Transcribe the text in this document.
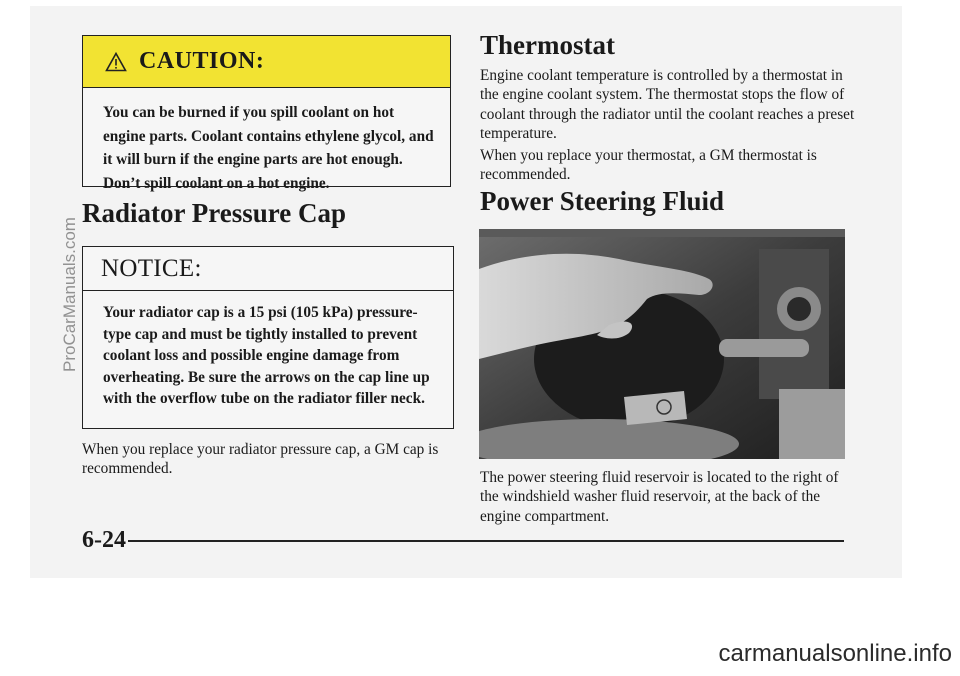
CAUTION:
You can be burned if you spill coolant on hot engine parts. Coolant contains ethylene glycol, and it will burn if the engine parts are hot enough. Don’t spill coolant on a hot engine.
Radiator Pressure Cap
NOTICE:
Your radiator cap is a 15 psi (105 kPa) pressure-type cap and must be tightly installed to prevent coolant loss and possible engine damage from overheating. Be sure the arrows on the cap line up with the overflow tube on the radiator filler neck.

When you replace your radiator pressure cap, a GM cap is recommended.

Thermostat

Engine coolant temperature is controlled by a thermostat in the engine coolant system. The thermostat stops the flow of coolant through the radiator until the coolant reaches a preset temperature.

When you replace your thermostat, a GM thermostat is recommended.

Power Steering Fluid

The power steering fluid reservoir is located to the right of the windshield washer fluid reservoir, at the back of the engine compartment.

6-24
ProCarManuals.com
carmanualsonline.info
